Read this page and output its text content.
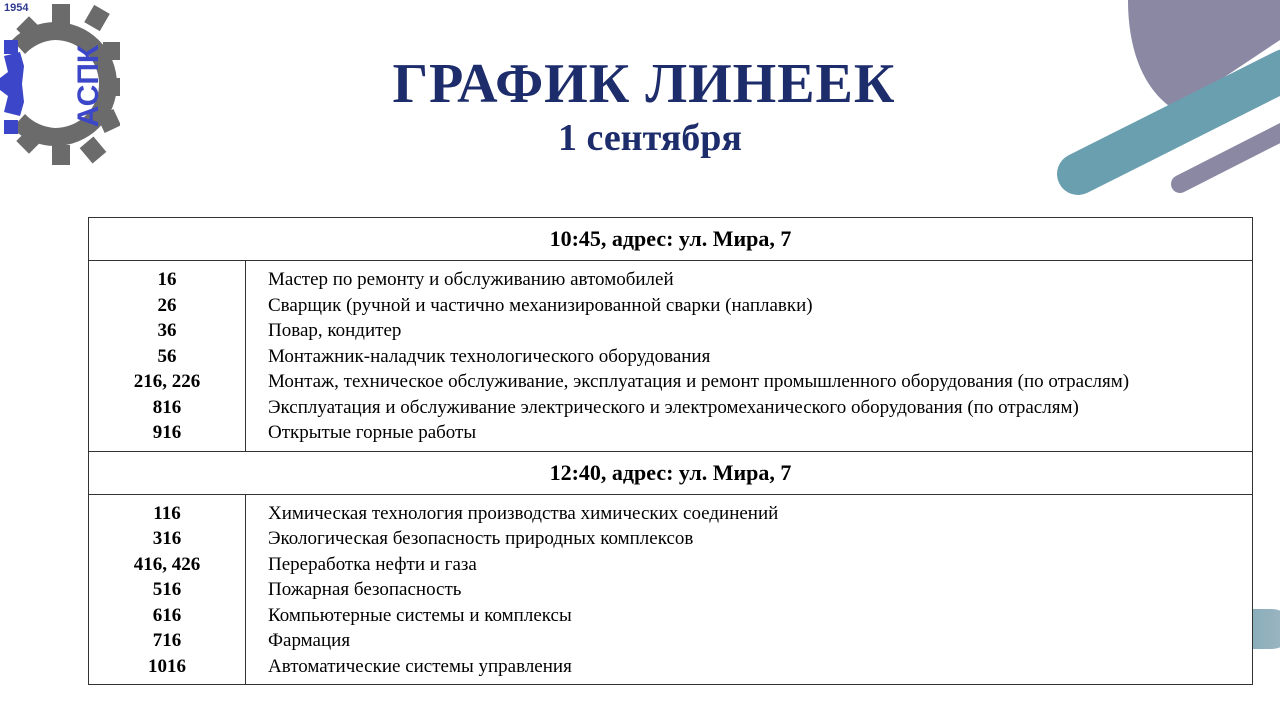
АСПК
1954
ГРАФИК ЛИНЕЕК
1 сентября
10:45, адрес: ул. Мира, 7
16
26
36
56
216, 226
816
916
Мастер по ремонту и обслуживанию автомобилей
Сварщик (ручной и частично механизированной сварки (наплавки)
Повар, кондитер
Монтажник-наладчик технологического оборудования
Монтаж, техническое обслуживание, эксплуатация и ремонт промышленного оборудования (по отраслям)
Эксплуатация и обслуживание электрического и электромеханического оборудования (по отраслям)
Открытые горные работы
12:40, адрес: ул. Мира, 7
116
316
416, 426
516
616
716
1016
Химическая технология производства химических соединений
Экологическая безопасность природных комплексов
Переработка нефти и газа
Пожарная безопасность
Компьютерные системы и комплексы
Фармация
Автоматические системы управления
